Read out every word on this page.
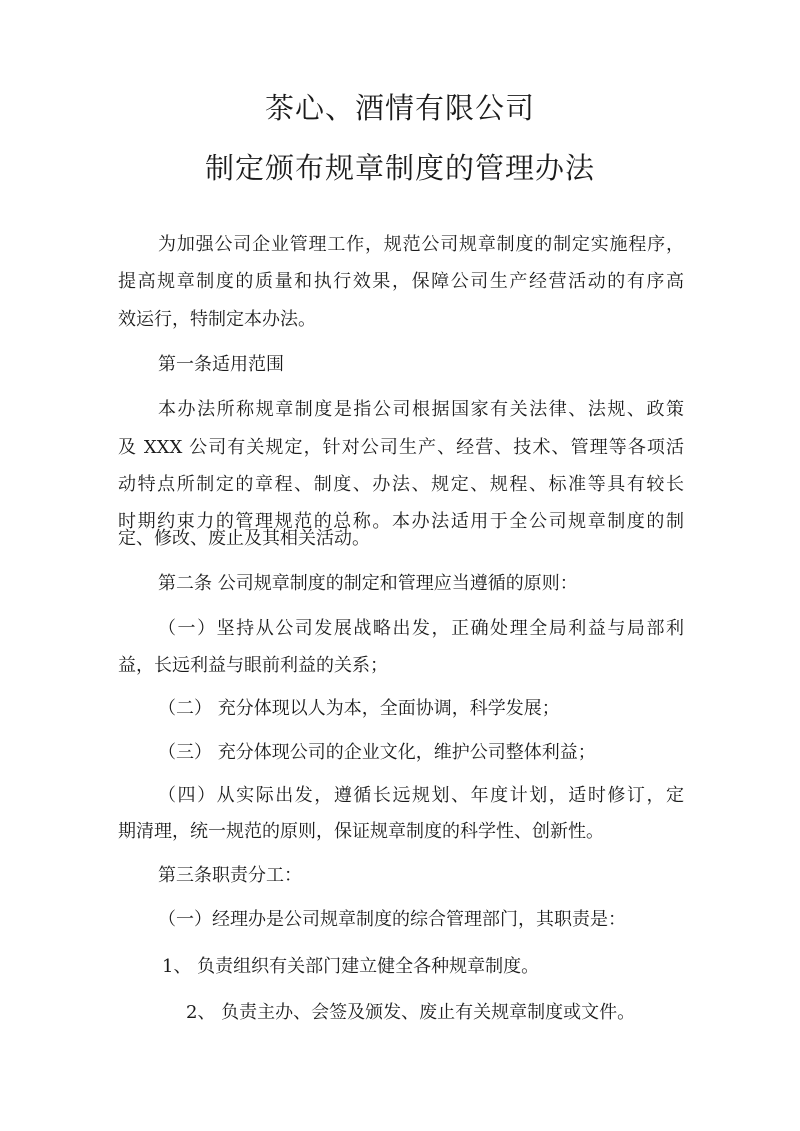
茶心、酒情有限公司
制定颁布规章制度的管理办法
为加强公司企业管理工作，规范公司规章制度的制定实施程序，
提高规章制度的质量和执行效果，保障公司生产经营活动的有序高
效运行，特制定本办法。
第一条适用范围
本办法所称规章制度是指公司根据国家有关法律、法规、政策
及 XXX 公司有关规定，针对公司生产、经营、技术、管理等各项活
动特点所制定的章程、制度、办法、规定、规程、标准等具有较长
时期约束力的管理规范的总称。本办法适用于全公司规章制度的制
定、修改、废止及其相关活动。
第二条 公司规章制度的制定和管理应当遵循的原则：
（一）坚持从公司发展战略出发，正确处理全局利益与局部利
益，长远利益与眼前利益的关系；
（二） 充分体现以人为本，全面协调，科学发展；
（三） 充分体现公司的企业文化，维护公司整体利益；
（四）从实际出发，遵循长远规划、年度计划，适时修订，定
期清理，统一规范的原则，保证规章制度的科学性、创新性。
第三条职责分工：
（一）经理办是公司规章制度的综合管理部门，其职责是：
1、 负责组织有关部门建立健全各种规章制度。
2、 负责主办、会签及颁发、废止有关规章制度或文件。
